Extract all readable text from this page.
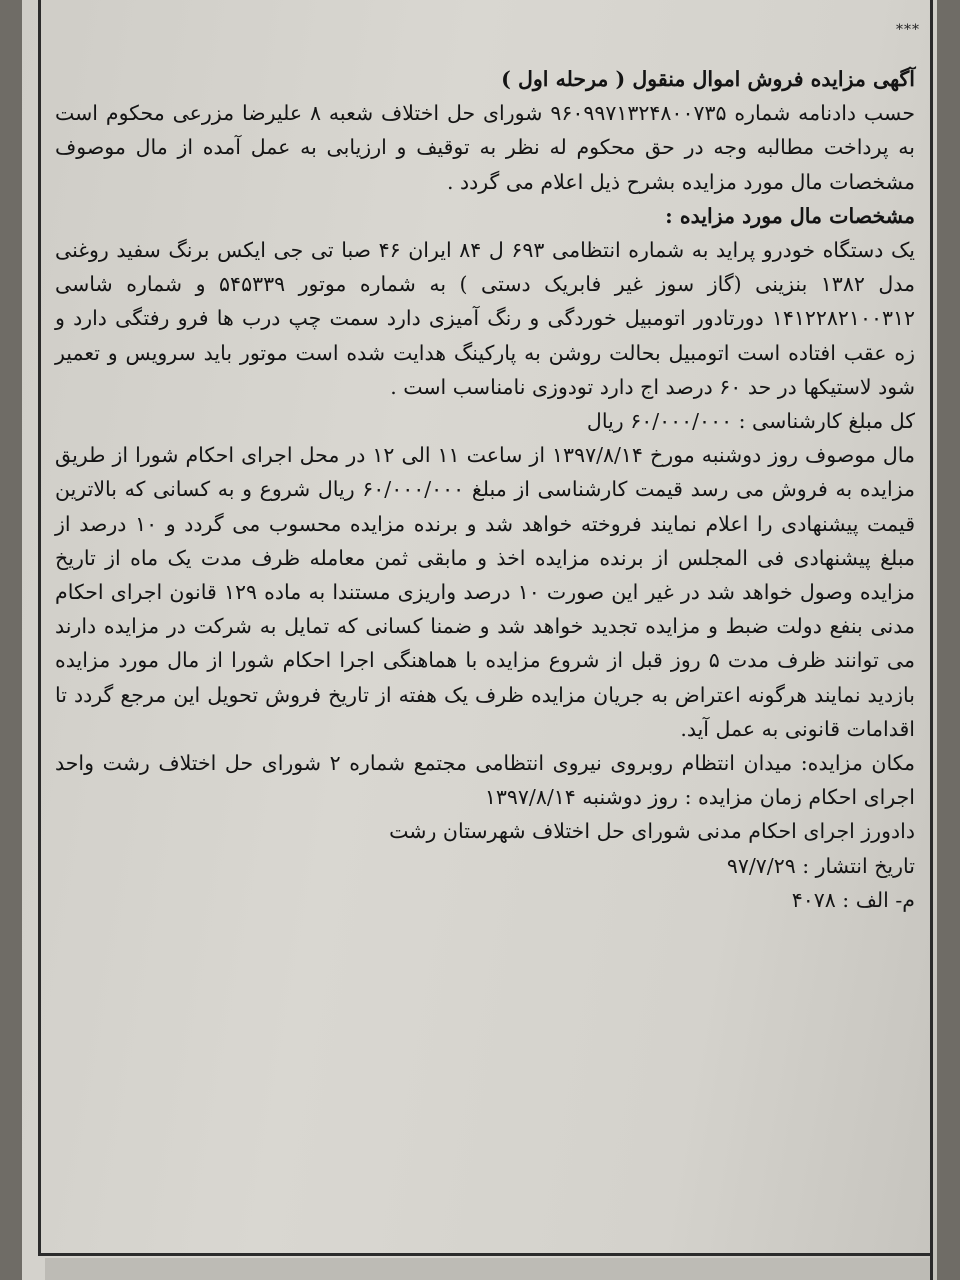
***

آگهی مزایده فروش اموال منقول ( مرحله اول )

حسب دادنامه شماره ۹۶۰۹۹۷۱۳۲۴۸۰۰۷۳۵ شورای حل اختلاف شعبه ۸ علیرضا مزرعی محکوم است به پرداخت مطالبه وجه در حق محکوم له نظر به توقیف و ارزیابی به عمل آمده از مال موصوف مشخصات مال مورد مزایده بشرح ذیل اعلام می گردد .

مشخصات مال مورد مزایده :

یک دستگاه خودرو پراید به شماره انتظامی ۶۹۳ ل ۸۴ ایران ۴۶ صبا تی جی ایکس برنگ سفید روغنی مدل ۱۳۸۲ بنزینی (گاز سوز غیر فابریک دستی ) به شماره موتور ۵۴۵۳۳۹ و شماره شاسی ۱۴۱۲۲۸۲۱۰۰۳۱۲ دورتادور اتومبیل خوردگی و رنگ آمیزی دارد سمت چپ درب ها فرو رفتگی دارد و زه عقب افتاده است اتومبیل بحالت روشن به پارکینگ هدایت شده است موتور باید سرویس و تعمیر شود لاستیکها در حد ۶۰ درصد اج دارد تودوزی نامناسب است .

کل مبلغ کارشناسی : ۶۰/۰۰۰/۰۰۰ ریال

مال موصوف روز دوشنبه مورخ ۱۳۹۷/۸/۱۴ از ساعت ۱۱ الی ۱۲ در محل اجرای احکام شورا از طریق مزایده به فروش می رسد قیمت کارشناسی از مبلغ ۶۰/۰۰۰/۰۰۰ ریال شروع و به کسانی که بالاترین قیمت پیشنهادی را اعلام نمایند فروخته خواهد شد و برنده مزایده محسوب می گردد و ۱۰ درصد از مبلغ پیشنهادی فی المجلس از برنده مزایده اخذ و مابقی ثمن معامله ظرف مدت یک ماه از تاریخ مزایده وصول خواهد شد در غیر این صورت ۱۰ درصد واریزی مستندا به ماده ۱۲۹ قانون اجرای احکام مدنی بنفع دولت ضبط و مزایده تجدید خواهد شد و ضمنا کسانی که تمایل به شرکت در مزایده دارند می توانند ظرف مدت ۵ روز قبل از شروع مزایده با هماهنگی اجرا احکام شورا از مال مورد مزایده بازدید نمایند هرگونه اعتراض به جریان مزایده ظرف یک هفته از تاریخ فروش تحویل این مرجع گردد تا اقدامات قانونی به عمل آید.

مکان مزایده: میدان انتظام روبروی نیروی انتظامی مجتمع شماره ۲ شورای حل اختلاف رشت واحد اجرای احکام زمان مزایده : روز دوشنبه ۱۳۹۷/۸/۱۴

دادورز اجرای احکام مدنی شورای حل اختلاف شهرستان رشت

تاریخ انتشار : ۹۷/۷/۲۹

م- الف : ۴۰۷۸
